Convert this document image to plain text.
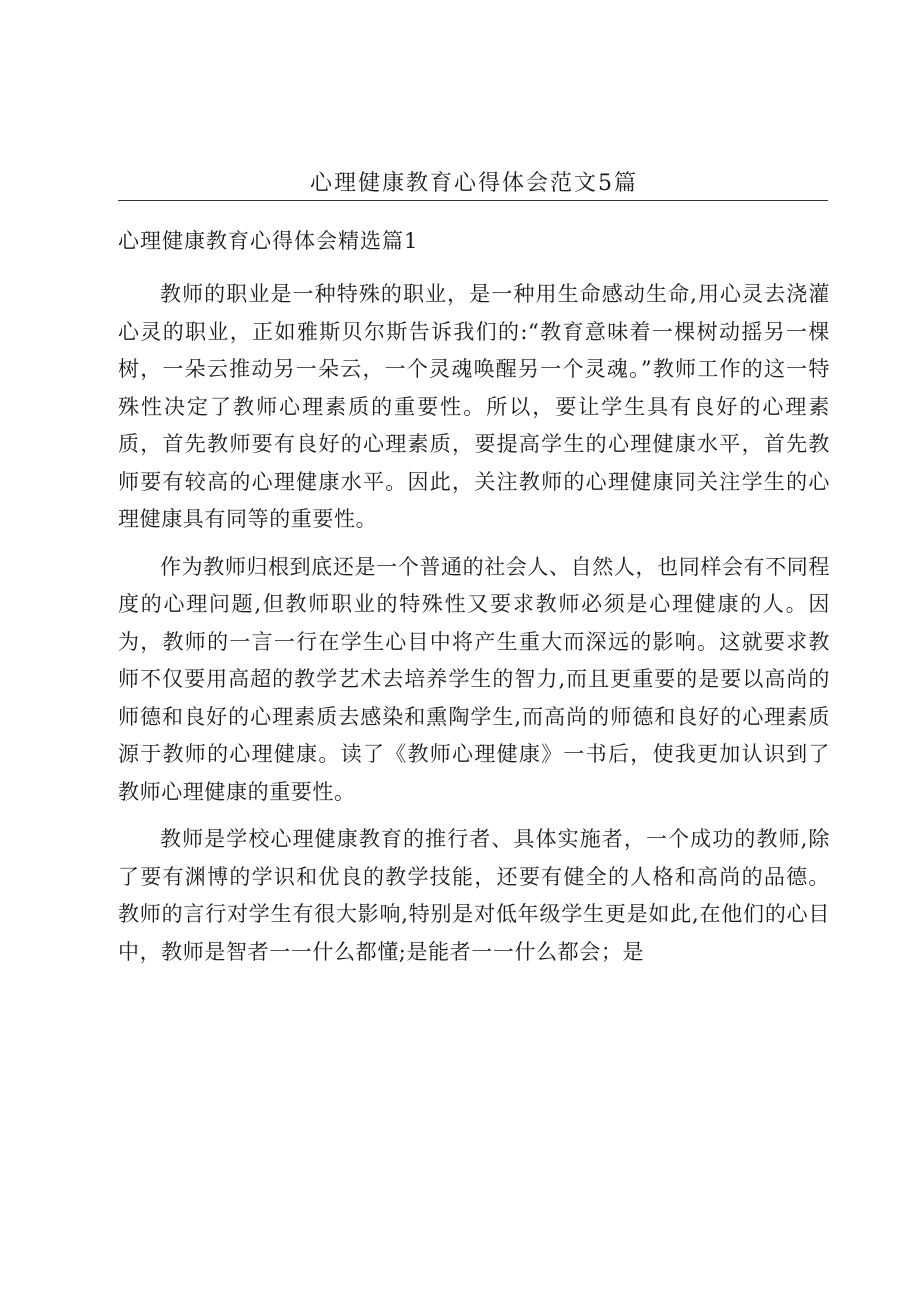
心理健康教育心得体会范文5篇
心理健康教育心得体会精选篇1

教师的职业是一种特殊的职业，是一种用生命感动生命,用心灵去浇灌心灵的职业，正如雅斯贝尔斯告诉我们的:“教育意味着一棵树动摇另一棵树，一朵云推动另一朵云，一个灵魂唤醒另一个灵魂。”教师工作的这一特殊性决定了教师心理素质的重要性。所以，要让学生具有良好的心理素质，首先教师要有良好的心理素质，要提高学生的心理健康水平，首先教师要有较高的心理健康水平。因此，关注教师的心理健康同关注学生的心理健康具有同等的重要性。

作为教师归根到底还是一个普通的社会人、自然人，也同样会有不同程度的心理问题,但教师职业的特殊性又要求教师必须是心理健康的人。因为，教师的一言一行在学生心目中将产生重大而深远的影响。这就要求教师不仅要用高超的教学艺术去培养学生的智力,而且更重要的是要以高尚的师德和良好的心理素质去感染和熏陶学生,而高尚的师德和良好的心理素质源于教师的心理健康。读了《教师心理健康》一书后，使我更加认识到了教师心理健康的重要性。

教师是学校心理健康教育的推行者、具体实施者，一个成功的教师,除了要有渊博的学识和优良的教学技能，还要有健全的人格和高尚的品德。教师的言行对学生有很大影响,特别是对低年级学生更是如此,在他们的心目中，教师是智者一一什么都懂;是能者一一什么都会；是
